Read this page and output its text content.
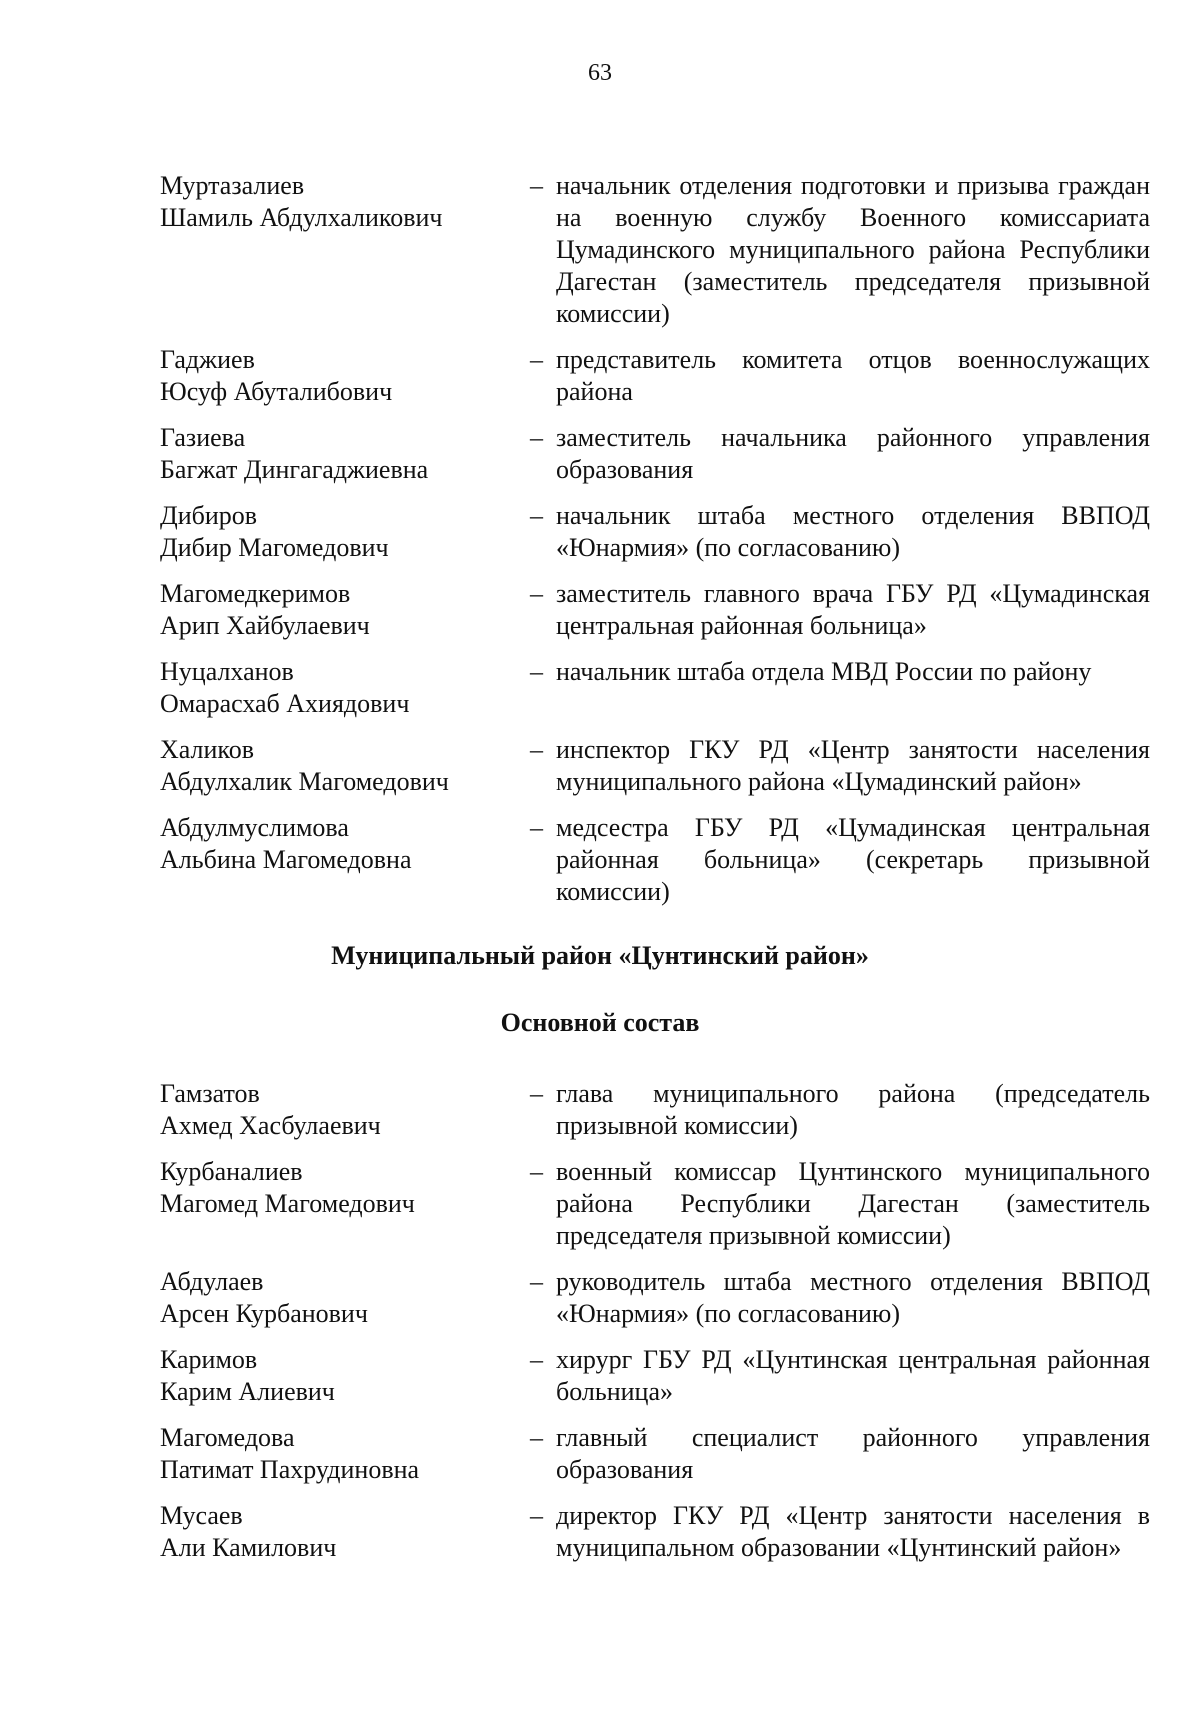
63
Муртазалиев
Шамиль Абдулхаликович
– начальник отделения подготовки и призыва граждан на военную службу Военного комиссариата Цумадинского муниципального района Республики Дагестан (заместитель председателя призывной комиссии)
Гаджиев
Юсуф Абуталибович
– представитель комитета отцов военнослужащих района
Газиева
Багжат Дингагаджиевна
– заместитель начальника районного управления образования
Дибиров
Дибир Магомедович
– начальник штаба местного отделения ВВПОД «Юнармия» (по согласованию)
Магомедкеримов
Арип Хайбулаевич
– заместитель главного врача ГБУ РД «Цумадинская центральная районная больница»
Нуцалханов
Омарасхаб Ахиядович
– начальник штаба отдела МВД России по району
Халиков
Абдулхалик Магомедович
– инспектор ГКУ РД «Центр занятости населения муниципального района «Цумадинский район»
Абдулмуслимова
Альбина Магомедовна
– медсестра ГБУ РД «Цумадинская центральная районная больница» (секретарь призывной комиссии)
Муниципальный район «Цунтинский район»
Основной состав
Гамзатов
Ахмед Хасбулаевич
– глава муниципального района (председатель призывной комиссии)
Курбаналиев
Магомед Магомедович
– военный комиссар Цунтинского муниципального района Республики Дагестан (заместитель председателя призывной комиссии)
Абдулаев
Арсен Курбанович
– руководитель штаба местного отделения ВВПОД «Юнармия» (по согласованию)
Каримов
Карим Алиевич
– хирург ГБУ РД «Цунтинская центральная районная больница»
Магомедова
Патимат Пахрудиновна
– главный специалист районного управления образования
Мусаев
Али Камилович
– директор ГКУ РД «Центр занятости населения в муниципальном образовании «Цунтинский район»
